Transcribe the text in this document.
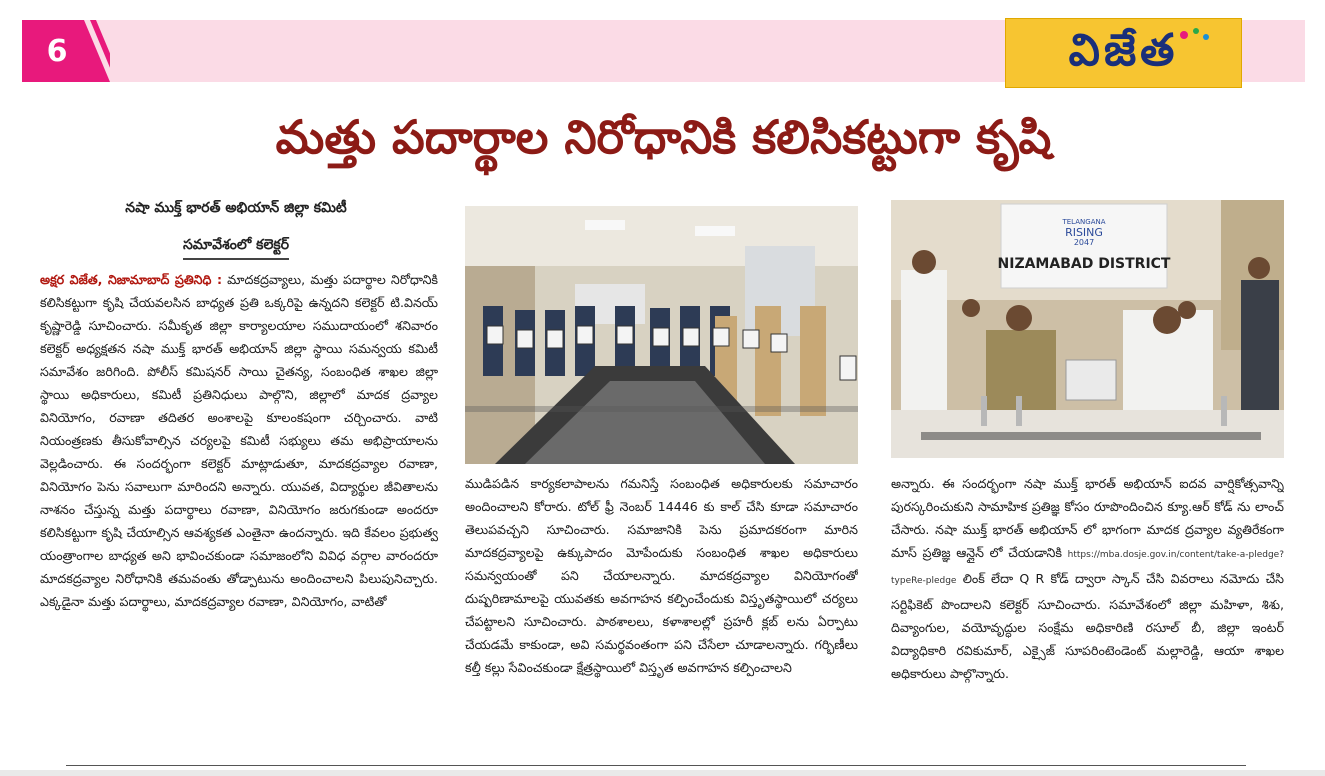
6	విజేత
మత్తు పదార్థాల నిరోధానికి కలిసికట్టుగా కృషి
నషా ముక్త్ భారత్ అభియాన్ జిల్లా కమిటీ
సమావేశంలో కలెక్టర్
అక్షర విజేత, నిజామాబాద్ ప్రతినిధి : మాదకద్రవ్యాలు, మత్తు పదార్థాల నిరోధానికి కలిసికట్టుగా కృషి చేయవలసిన బాధ్యత ప్రతి ఒక్కరిపై ఉన్నదని కలెక్టర్ టి.వినయ్ కృష్ణారెడ్డి సూచించారు. సమీకృత జిల్లా కార్యాలయాల సముదాయంలో శనివారం కలెక్టర్ అధ్యక్షతన నషా ముక్త్ భారత్ అభియాన్ జిల్లా స్థాయి సమన్వయ కమిటీ సమావేశం జరిగింది. పోలీస్ కమిషనర్ సాయి చైతన్య, సంబంధిత శాఖల జిల్లా స్థాయి అధికారులు, కమిటీ ప్రతినిధులు పాల్గొని, జిల్లాలో మాదక ద్రవ్యాల వినియోగం, రవాణా తదితర అంశాలపై కూలంకషంగా చర్చించారు. వాటి నియంత్రణకు తీసుకోవాల్సిన చర్యలపై కమిటీ సభ్యులు తమ అభిప్రాయాలను వెల్లడించారు. ఈ సందర్భంగా కలెక్టర్ మాట్లాడుతూ, మాదకద్రవ్యాల రవాణా, వినియోగం పెను సవాలుగా మారిందని అన్నారు. యువత, విద్యార్థుల జీవితాలను నాశనం చేస్తున్న మత్తు పదార్థాలు రవాణా, వినియోగం జరుగకుండా అందరూ కలిసికట్టుగా కృషి చేయాల్సిన ఆవశ్యకత ఎంతైనా ఉందన్నారు. ఇది కేవలం ప్రభుత్వ యంత్రాంగాల బాధ్యత అని భావించకుండా సమాజంలోని వివిధ వర్గాల వారందరూ మాదకద్రవ్యాల నిరోధానికి తమవంతు తోడ్పాటును అందించాలని పిలుపునిచ్చారు. ఎక్కడైనా మత్తు పదార్థాలు, మాదకద్రవ్యాల రవాణా, వినియోగం, వాటితో
ముడిపడిన కార్యకలాపాలను గమనిస్తే సంబంధిత అధికారులకు సమాచారం అందించాలని కోరారు. టోల్ ఫ్రీ నెంబర్ 14446 కు కాల్ చేసి కూడా సమాచారం తెలుపవచ్చని సూచించారు. సమాజానికి పెను ప్రమాదకరంగా మారిన మాదకద్రవ్యాలపై ఉక్కుపాదం మోపేందుకు సంబంధిత శాఖల అధికారులు సమన్వయంతో పని చేయాలన్నారు. మాదకద్రవ్యాల వినియోగంతో దుష్పరిణామాలపై యువతకు అవగాహన కల్పించేందుకు విస్తృతస్థాయిలో చర్యలు చేపట్టాలని సూచించారు. పాఠశాలలు, కళాశాలల్లో ప్రహరీ క్లబ్ లను ఏర్పాటు చేయడమే కాకుండా, అవి సమర్థవంతంగా పని చేసేలా చూడాలన్నారు. గర్భిణీలు కల్తీ కల్లు సేవించకుండా క్షేత్రస్థాయిలో విస్తృత అవగాహన కల్పించాలని
TELANGANA
RISING
2047
NIZAMABAD DISTRICT
అన్నారు. ఈ సందర్భంగా నషా ముక్త్ భారత్ అభియాన్ ఐదవ వార్షికోత్సవాన్ని పురస్కరించుకుని సామాహిక ప్రతిజ్ఞ కోసం రూపొందించిన క్యూ.ఆర్ కోడ్ ను లాంచ్ చేసారు. నషా ముక్త్ భారత్ అభియాన్ లో భాగంగా మాదక ద్రవ్యాల వ్యతిరేకంగా మాస్ ప్రతిజ్ఞ ఆన్లైన్ లో చేయడానికి https://mba.dosje.gov.in/content/take-a-pledge?typeRe-pledge లింక్ లేదా Q R కోడ్ ద్వారా స్కాన్ చేసి వివరాలు నమోదు చేసి సర్టిఫికెట్ పొందాలని కలెక్టర్ సూచించారు. సమావేశంలో జిల్లా మహిళా, శిశు, దివ్యాంగుల, వయోవృద్ధుల సంక్షేమ అధికారిణి రసూల్ బీ, జిల్లా ఇంటర్ విద్యాధికారి రవికుమార్, ఎక్సైజ్ సూపరింటెండెంట్ మల్లారెడ్డి, ఆయా శాఖల అధికారులు పాల్గొన్నారు.
